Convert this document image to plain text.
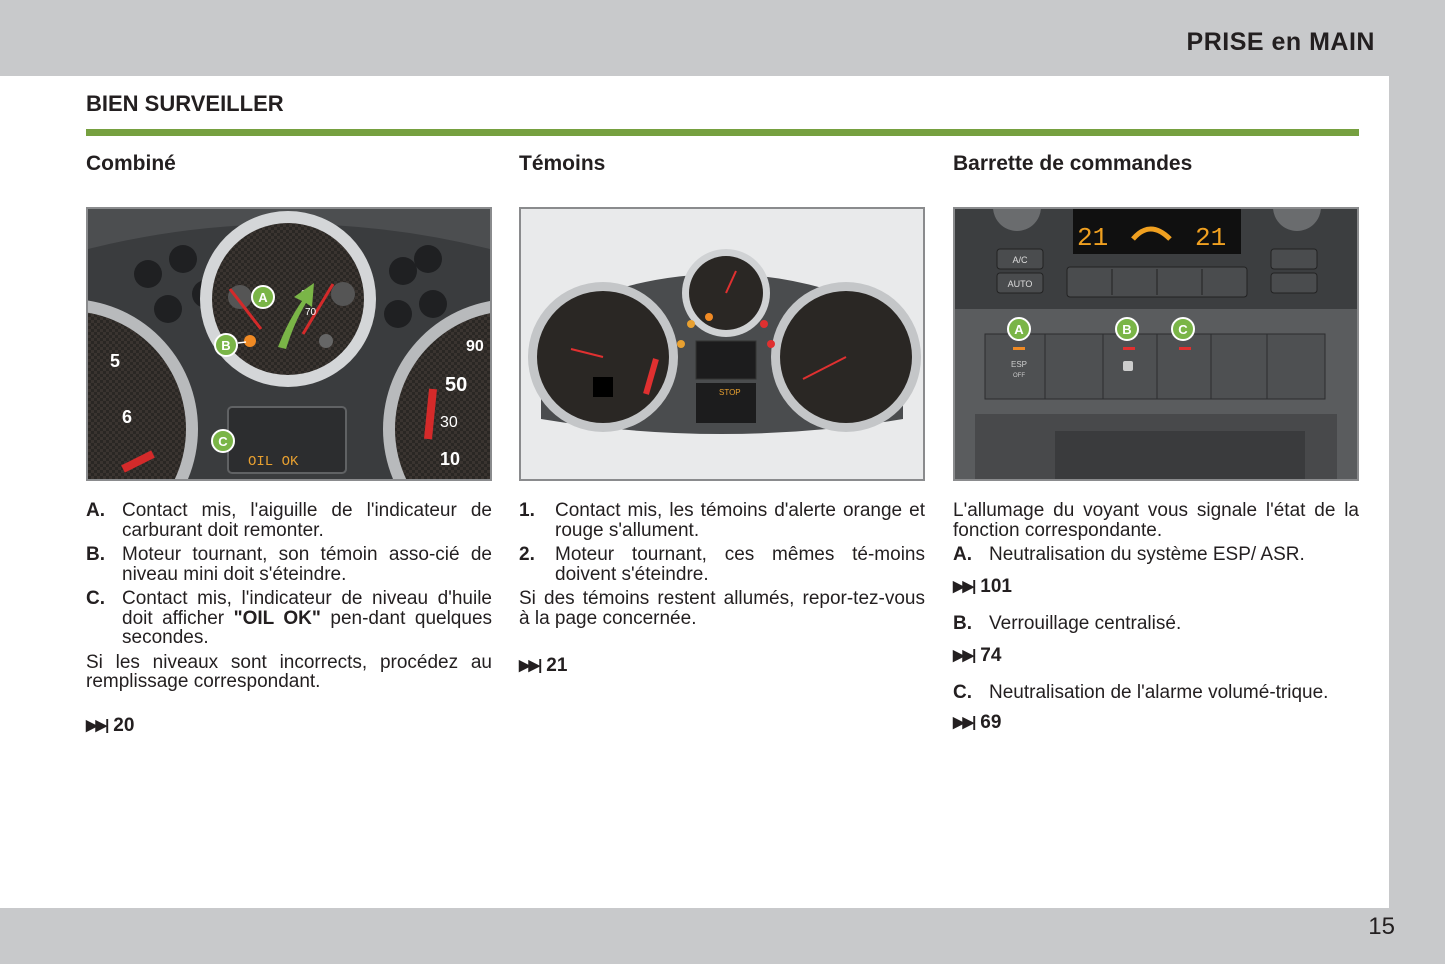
PRISE en MAIN
15
BIEN SURVEILLER
Combiné
5
6
90
50
30
10
70
OIL OK
A
B
C
A. Contact mis, l'aiguille de l'indicateur de carburant doit remonter.
B. Moteur tournant, son témoin asso-cié de niveau mini doit s'éteindre.
C. Contact mis, l'indicateur de niveau d'huile doit afficher "OIL OK" pen-dant quelques secondes.
Si les niveaux sont incorrects, procédez au remplissage correspondant.
▶▶| 20
Témoins
STOP
1.	Contact mis, les témoins d'alerte orange et rouge s'allument.
2.	Moteur tournant, ces mêmes té-moins doivent s'éteindre.
Si des témoins restent allumés, repor-tez-vous à la page concernée.
▶▶| 21
Barrette de commandes
21	21
A/C
AUTO
ESP
OFF
A	B	C
L'allumage du voyant vous signale l'état de la fonction correspondante.
A. Neutralisation du système ESP/ ASR.
▶▶| 101
B. Verrouillage centralisé.
▶▶| 74
C. Neutralisation de l'alarme volumé-trique.
▶▶| 69
